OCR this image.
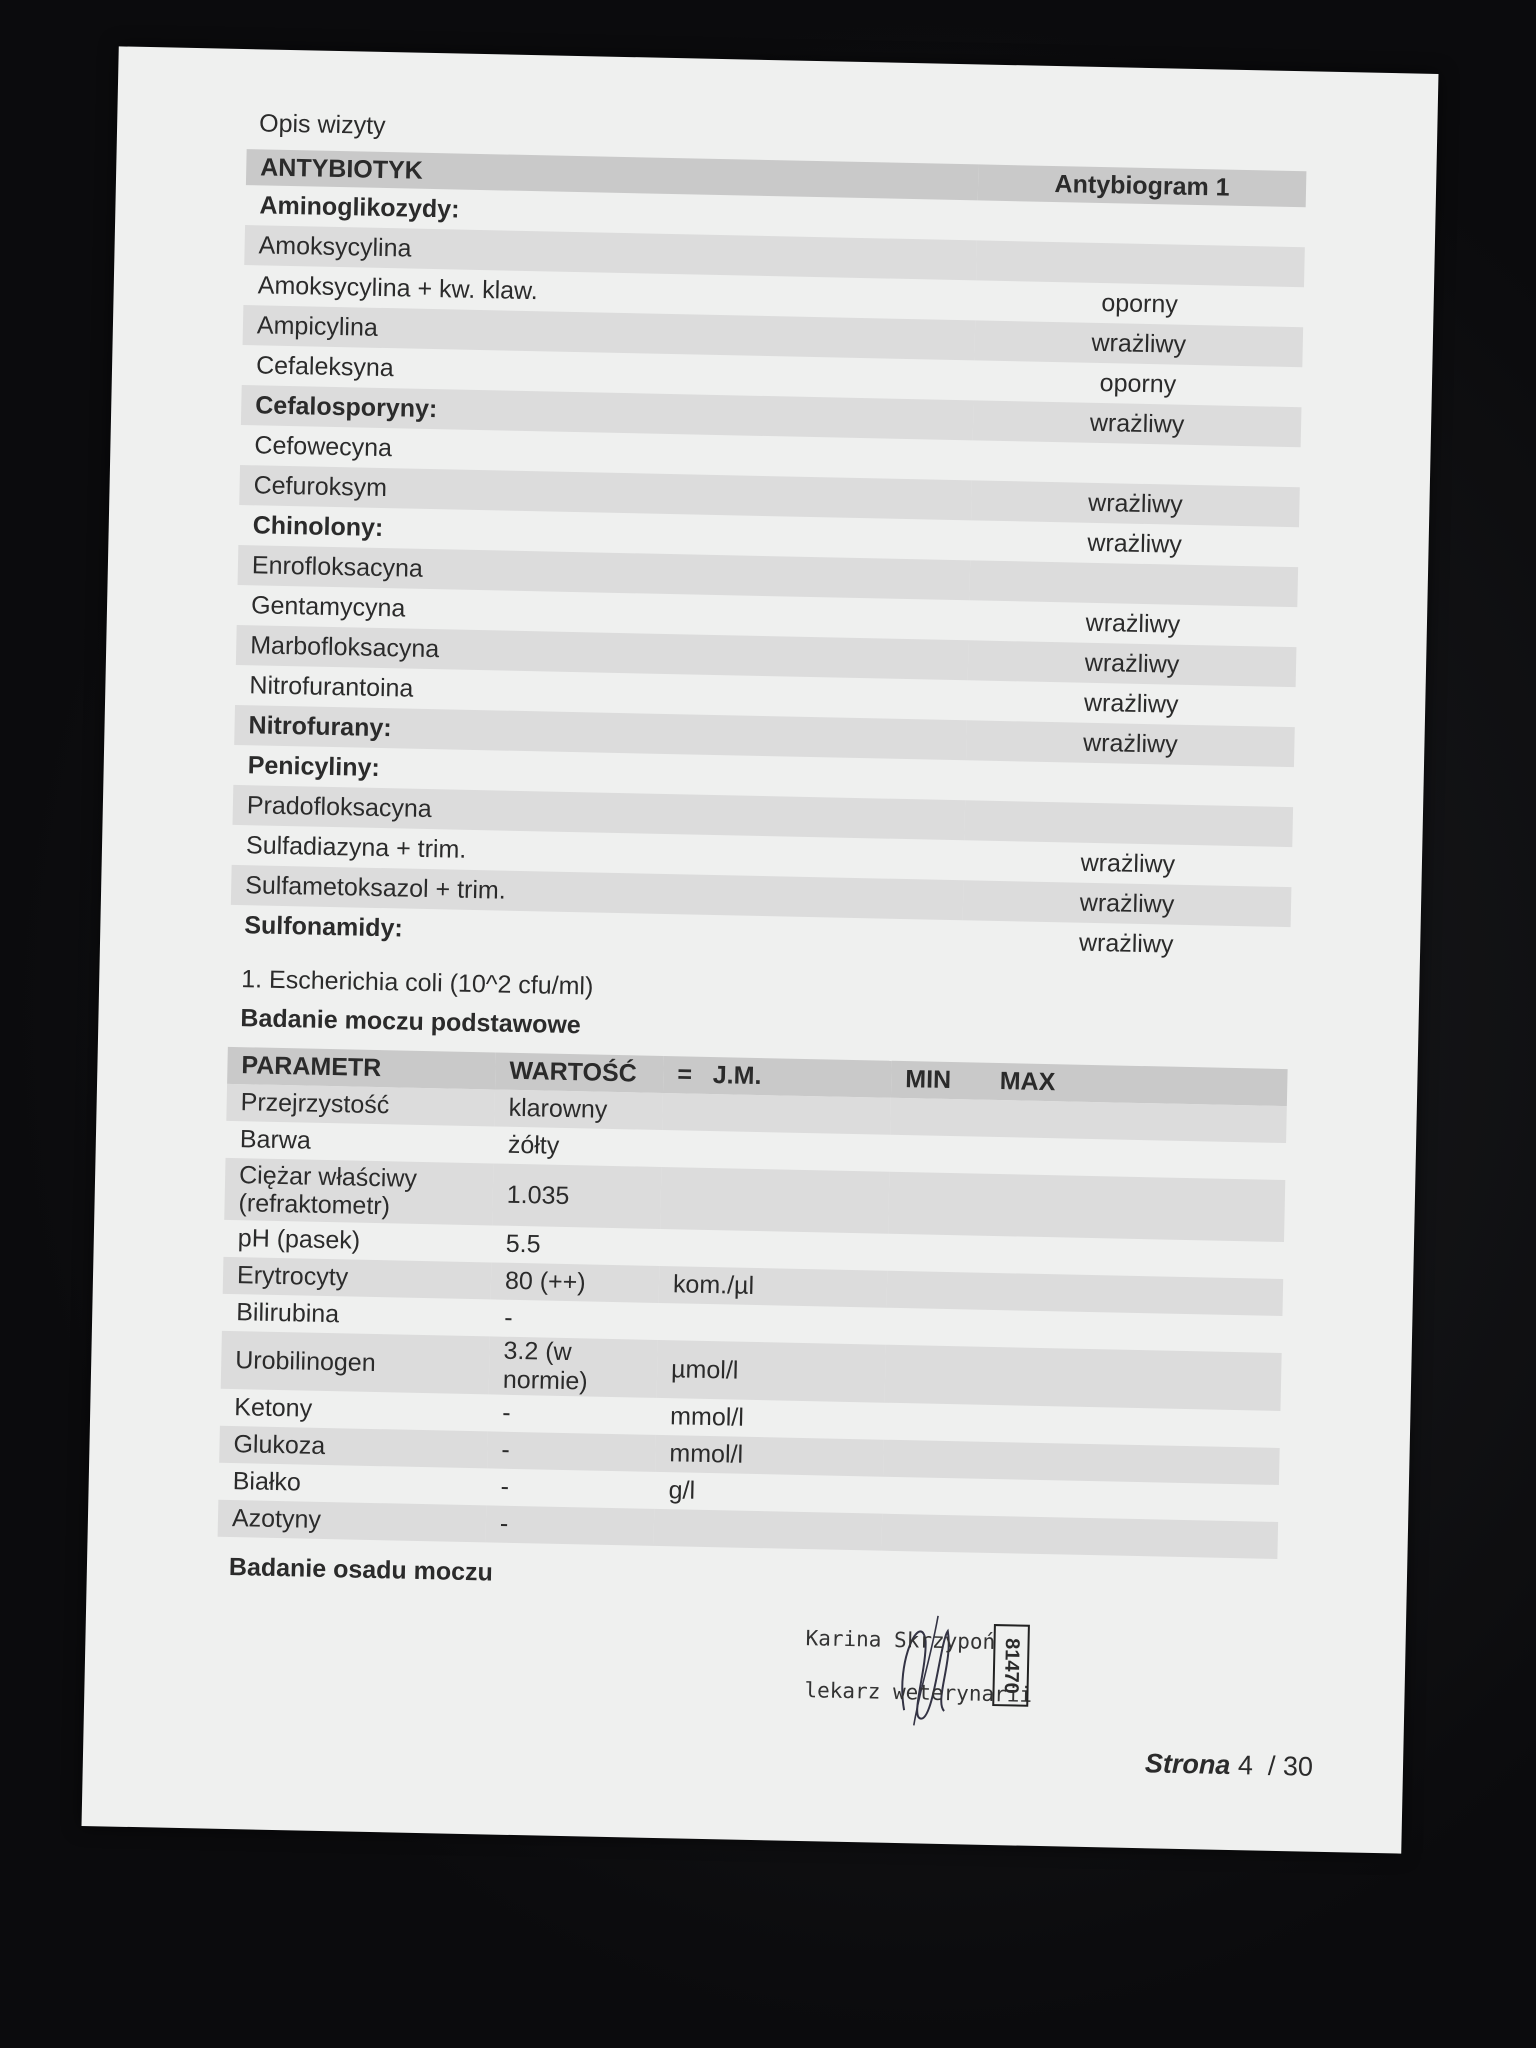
Opis wizyty
ANTYBIOTYK	Antybiogram 1
Aminoglikozydy:	
Amoksycylina	
Amoksycylina + kw. klaw.	oporny
Ampicylina	wrażliwy
Cefaleksyna	oporny
Cefalosporyny:	wrażliwy
Cefowecyna	
Cefuroksym	wrażliwy
Chinolony:	wrażliwy
Enrofloksacyna	
Gentamycyna	wrażliwy
Marbofloksacyna	wrażliwy
Nitrofurantoina	wrażliwy
Nitrofurany:	wrażliwy
Penicyliny:	
Pradofloksacyna	
Sulfadiazyna + trim.	wrażliwy
Sulfametoksazol + trim.	wrażliwy
Sulfonamidy:	wrażliwy
1. Escherichia coli (10^2 cfu/ml)
Badanie moczu podstawowe
PARAMETR	WARTOŚĆ	= J.M.	MIN MAX
Przejrzystość	klarowny		
Barwa	żółty		
Ciężar właściwy (refraktometr)	1.035		
pH (pasek)	5.5		
Erytrocyty	80 (++)	kom./µl	
Bilirubina	-		
Urobilinogen	3.2 (w normie)	µmol/l	
Ketony	-	mmol/l	
Glukoza	-	mmol/l	
Białko	-	g/l	
Azotyny	-		
Badanie osadu moczu
Karina Skrzypoń
lekarz weterynarii
81470
Strona 4 / 30
